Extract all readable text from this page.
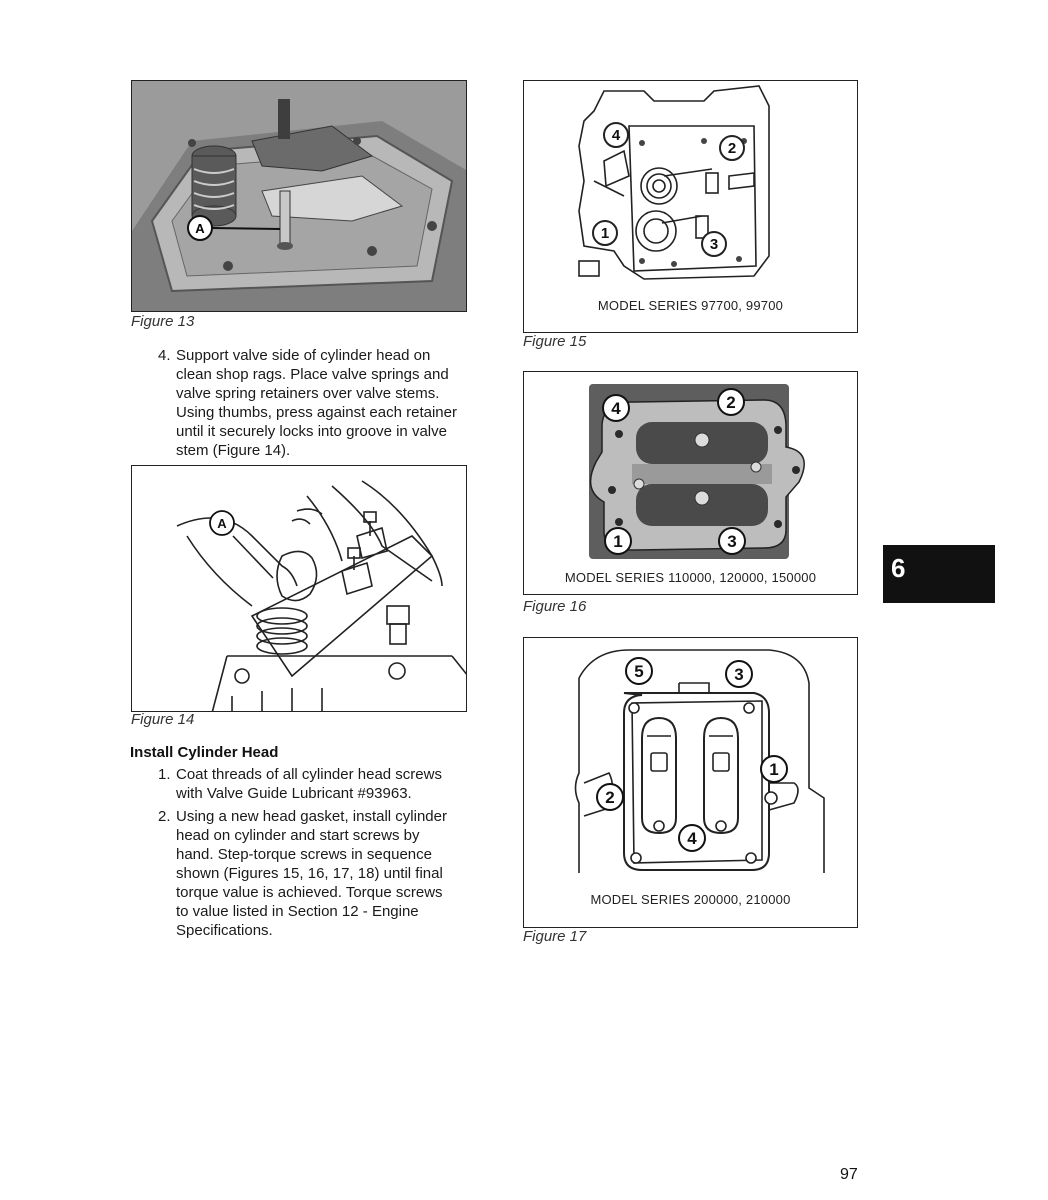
A
Figure 13
4. Support valve side of cylinder head on
clean shop rags. Place valve springs and
valve spring retainers over valve stems.
Using thumbs, press against each retainer
until it securely locks into groove in valve
stem (Figure 14).
A
Figure 14
Install Cylinder Head
1. Coat threads of all cylinder head screws
with Valve Guide Lubricant #93963.
2. Using a new head gasket, install cylinder
head on cylinder and start screws by
hand. Step-torque screws in sequence
shown (Figures 15, 16, 17, 18) until final
torque value is achieved. Torque screws
to value listed in Section 12 - Engine
Specifications.
4
2
1
3
MODEL SERIES 97700, 99700
Figure 15
4	2
1	3
MODEL SERIES 110000, 120000, 150000
Figure 16
5	3
1
2
4
MODEL SERIES 200000, 210000
Figure 17
6
97
